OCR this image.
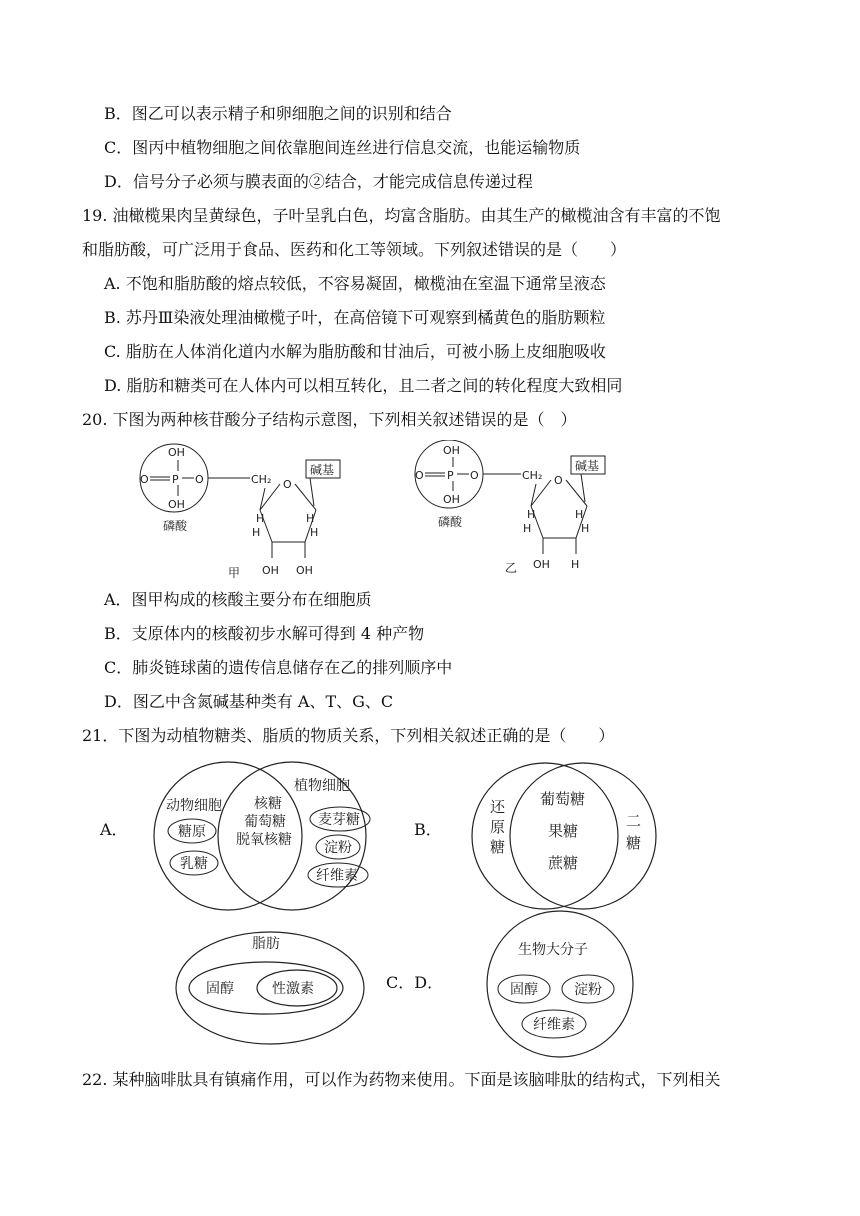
B．图乙可以表示精子和卵细胞之间的识别和结合
C．图丙中植物细胞之间依靠胞间连丝进行信息交流，也能运输物质
D．信号分子必须与膜表面的②结合，才能完成信息传递过程
19. 油橄榄果肉呈黄绿色，子叶呈乳白色，均富含脂肪。由其生产的橄榄油含有丰富的不饱
和脂肪酸，可广泛用于食品、医药和化工等领域。下列叙述错误的是（　　）
A. 不饱和脂肪酸的熔点较低，不容易凝固，橄榄油在室温下通常呈液态
B. 苏丹Ⅲ染液处理油橄榄子叶，在高倍镜下可观察到橘黄色的脂肪颗粒
C. 脂肪在人体消化道内水解为脂肪酸和甘油后，可被小肠上皮细胞吸收
D. 脂肪和糖类可在人体内可以相互转化，且二者之间的转化程度大致相同
20. 下图为两种核苷酸分子结构示意图，下列相关叙述错误的是（　）
OH
O P O
OH
磷酸
CH₂ O
碱基
H	H
H	H
OH OH
甲
OH
O P O
OH
磷酸
CH₂ O
碱基
H	H
H	H
OH H
乙
A．图甲构成的核酸主要分布在细胞质
B．支原体内的核酸初步水解可得到 4 种产物
C．肺炎链球菌的遗传信息储存在乙的排列顺序中
D．图乙中含氮碱基种类有 A、T、G、C
21．下图为动植物糖类、脂质的物质关系，下列相关叙述正确的是（　　）
A．
动物细胞
植物细胞
核糖
葡萄糖
脱氧核糖
糖原
乳糖
麦芽糖
淀粉
纤维素
B．
还
原
糖
二
糖
葡萄糖
果糖
蔗糖
脂肪
固醇	性激素	C．D．
生物大分子
固醇	淀粉
纤维素
22. 某种脑啡肽具有镇痛作用，可以作为药物来使用。下面是该脑啡肽的结构式，下列相关
